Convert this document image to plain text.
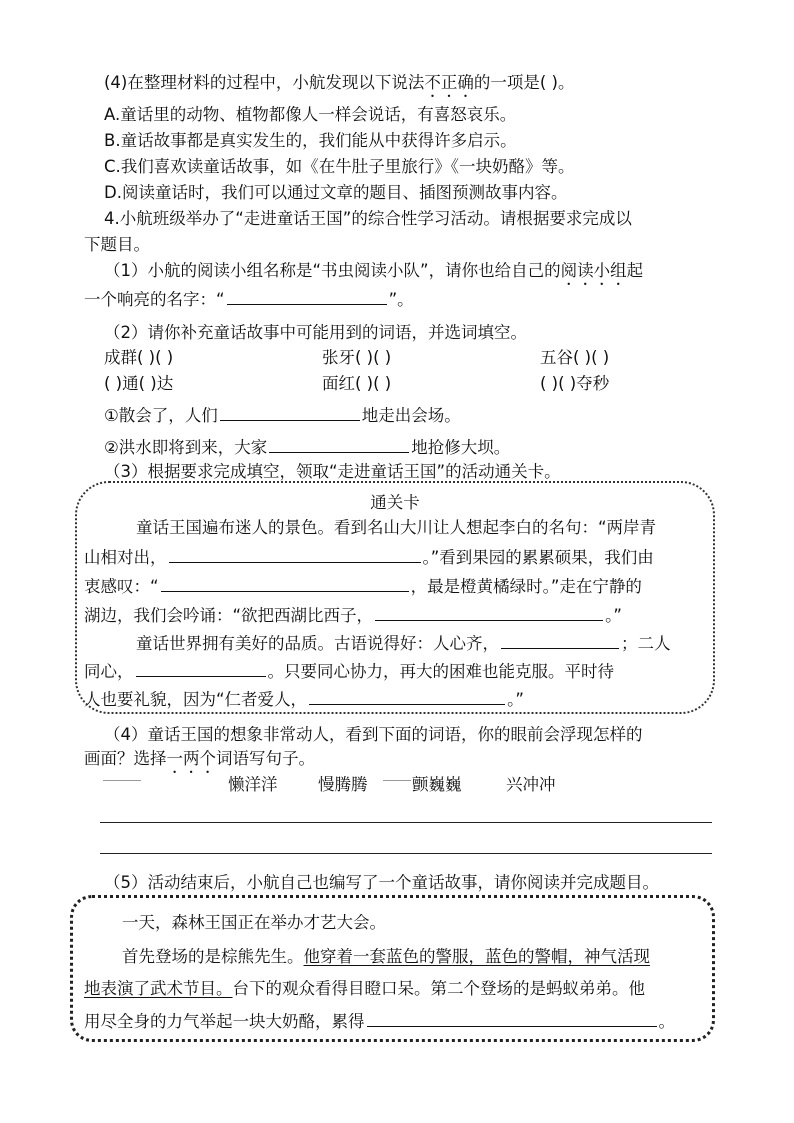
(4)在整理材料的过程中，小航发现以下说法不正确的一项是( )。
A.童话里的动物、植物都像人一样会说话，有喜怒哀乐。
B.童话故事都是真实发生的，我们能从中获得许多启示。
C.我们喜欢读童话故事，如《在牛肚子里旅行》《一块奶酪》等。
D.阅读童话时，我们可以通过文章的题目、插图预测故事内容。
4.小航班级举办了“走进童话王国”的综合性学习活动。请根据要求完成以
下题目。
（1）小航的阅读小组名称是“书虫阅读小队”，请你也给自己的阅读小组起
一个响亮的名字：“	”。
（2）请你补充童话故事中可能用到的词语，并选词填空。
成群( )( )	张牙( )( )	五谷( )( )
( )通( )达	面红( )( )	( )( )夺秒
①散会了，人们	地走出会场。
②洪水即将到来，大家	地抢修大坝。
（3）根据要求完成填空，领取“走进童话王国”的活动通关卡。
通关卡
童话王国遍布迷人的景色。看到名山大川让人想起李白的名句：“两岸青
山相对出，	。”看到果园的累累硕果，我们由
衷感叹：“	，最是橙黄橘绿时。”走在宁静的
湖边，我们会吟诵：“欲把西湖比西子，	。”
童话世界拥有美好的品质。古语说得好：人心齐，	；二人
同心，	。只要同心协力，再大的困难也能克服。平时待
人也要礼貌，因为“仁者爱人，	。”
（4）童话王国的想象非常动人，看到下面的词语，你的眼前会浮现怎样的
画面？选择一两个词语写句子。
懒洋洋 慢腾腾	颤巍巍	兴冲冲
（5）活动结束后，小航自己也编写了一个童话故事，请你阅读并完成题目。
一天，森林王国正在举办才艺大会。
首先登场的是棕熊先生。他穿着一套蓝色的警服，蓝色的警帽，神气活现
地表演了武术节目。台下的观众看得目瞪口呆。第二个登场的是蚂蚁弟弟。他
用尽全身的力气举起一块大奶酪，累得	。
